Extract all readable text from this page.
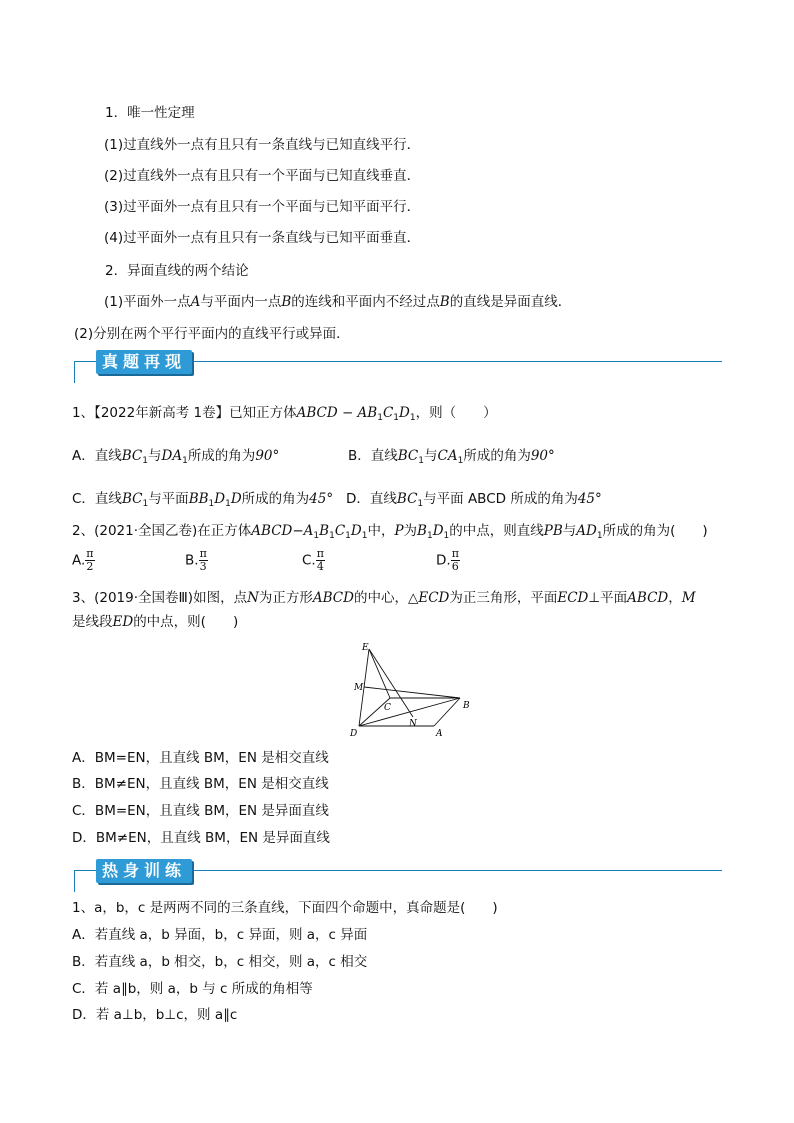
1．唯一性定理
(1)过直线外一点有且只有一条直线与已知直线平行．
(2)过直线外一点有且只有一个平面与已知直线垂直．
(3)过平面外一点有且只有一个平面与已知平面平行．
(4)过平面外一点有且只有一条直线与已知平面垂直．
2．异面直线的两个结论
(1)平面外一点A与平面内一点B的连线和平面内不经过点B的直线是异面直线．
(2)分别在两个平行平面内的直线平行或异面．
真题再现
1、【2022年新高考 1卷】已知正方体ABCD − $AB_1C_1D_1$，则（　　）
A．直线$BC_1$与$DA_1$所成的角为90°	B．直线$BC_1$与$CA_1$所成的角为90°
C．直线$BC_1$与平面$BB_1D_1D$所成的角为45° D．直线$BC_1$与平面 ABCD 所成的角为45°
2、(2021·全国乙卷)在正方体$ABCD-A_1B_1C_1D_1$中，P为$B_1D_1$的中点，则直线PB与$AD_1$所成的角为(　　)
A. $\frac{\pi}{2}$	B. $\frac{\pi}{3}$	C. $\frac{\pi}{4}$	D. $\frac{\pi}{6}$
3、(2019·全国卷Ⅲ)如图，点N为正方形ABCD的中心，△ECD为正三角形，平面ECD⊥平面ABCD，M
是线段ED的中点，则(　　)
E
M
C
N
B
D	A
A．BM=EN，且直线 BM，EN 是相交直线
B．BM≠EN，且直线 BM，EN 是相交直线
C．BM=EN，且直线 BM，EN 是异面直线
D．BM≠EN，且直线 BM，EN 是异面直线
热身训练
1、a，b，c 是两两不同的三条直线，下面四个命题中，真命题是(　　)
A．若直线 a，b 异面，b，c 异面，则 a，c 异面
B．若直线 a，b 相交，b，c 相交，则 a，c 相交
C．若 a∥b，则 a，b 与 c 所成的角相等
D．若 a⊥b，b⊥c，则 a∥c
